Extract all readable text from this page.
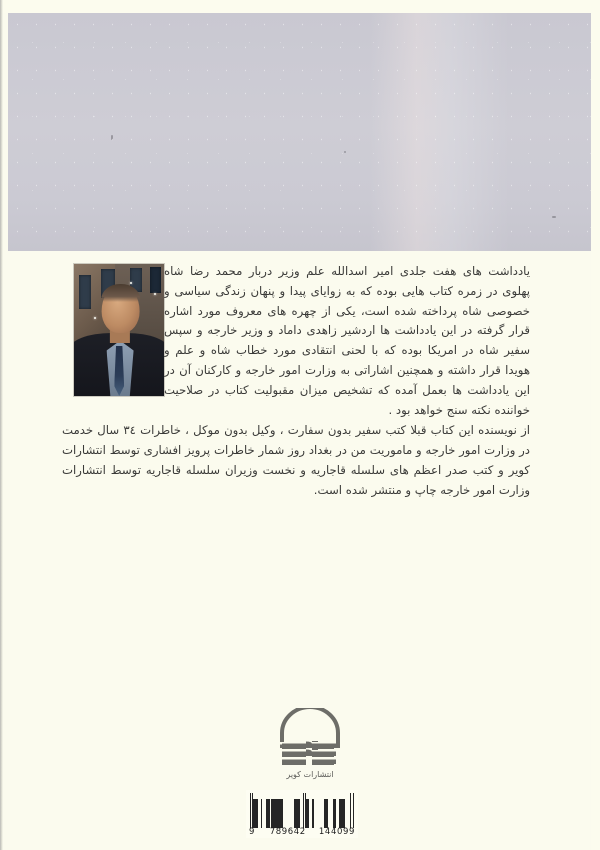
یادداشت های هفت جلدی امیر اسدالله علم وزیر دربار محمد رضا شاه پهلوی در زمره کتاب هایی بوده که به زوایای پیدا و پنهان زندگی سیاسی و خصوصی شاه پرداخته شده است، یکی از چهره های معروف مورد اشاره قرار گرفته در این یادداشت ها اردشیر زاهدی داماد و وزیر خارجه و سپس سفیر شاه در امریکا بوده که با لحنی انتقادی مورد خطاب شاه و علم و هویدا قرار داشته و همچنین اشاراتی به وزارت امور خارجه و کارکنان آن در این یادداشت ها بعمل آمده که تشخیص میزان مقبولیت کتاب در صلاحیت خواننده نکته سنج خواهد بود .

از نویسنده این کتاب قبلا کتب سفیر بدون سفارت ، وکیل بدون موکل ، خاطرات ۳٤ سال خدمت در وزارت امور خارجه و ماموریت من در بغداد روز شمار خاطرات پرویز افشاری توسط انتشارات کویر و کتب صدر اعظم های سلسله قاجاریه و نخست وزیران سلسله قاجاریه توسط انتشارات وزارت امور خارجه چاپ و منتشر شده است.

انتشارات کویر
9 789642 144099
